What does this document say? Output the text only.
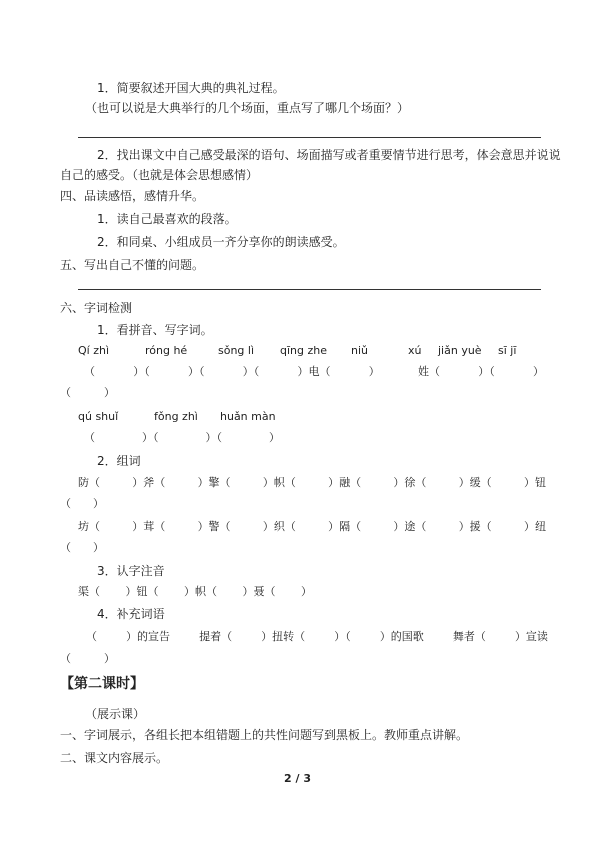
1．简要叙述开国大典的典礼过程。
（也可以说是大典举行的几个场面，重点写了哪几个场面？）
2．找出课文中自己感受最深的语句、场面描写或者重要情节进行思考，体会意思并说说
自己的感受。（也就是体会思想感情）
四、品读感悟，感情升华。
1．读自己最喜欢的段落。
2．和同桌、小组成员一齐分享你的朗读感受。
五、写出自己不懂的问题。
六、字词检测
1．看拼音、写字词。
Qí zhì	róng hé	sǒng lì qīng zhe niǔ	xú jiǎn yuè sī jī
（	）（	）（	）（	）电（	）	姓（	）（	）
（　　　）
qú shuǐ	fǒng zhì huǎn màn
（	）（	）（	）
2．组词
防（	）斧（	）擎（	）帜（	）融（	）徐（	）缓（	）钮
（　　）
坊（	）茸（	）警（	）织（	）隔（	）途（	）援（	）纽
（　　）
3．认字注音
渠（ ）钮（ ）帜（ ）聂（ ）
4．补充词语
（	）的宣告	提着（	）扭转（	）（	）的国歌	舞者（	）宣读
（　　　）
【第二课时】
（展示课）
一、字词展示，各组长把本组错题上的共性问题写到黑板上。教师重点讲解。
二、课文内容展示。
2 / 3
